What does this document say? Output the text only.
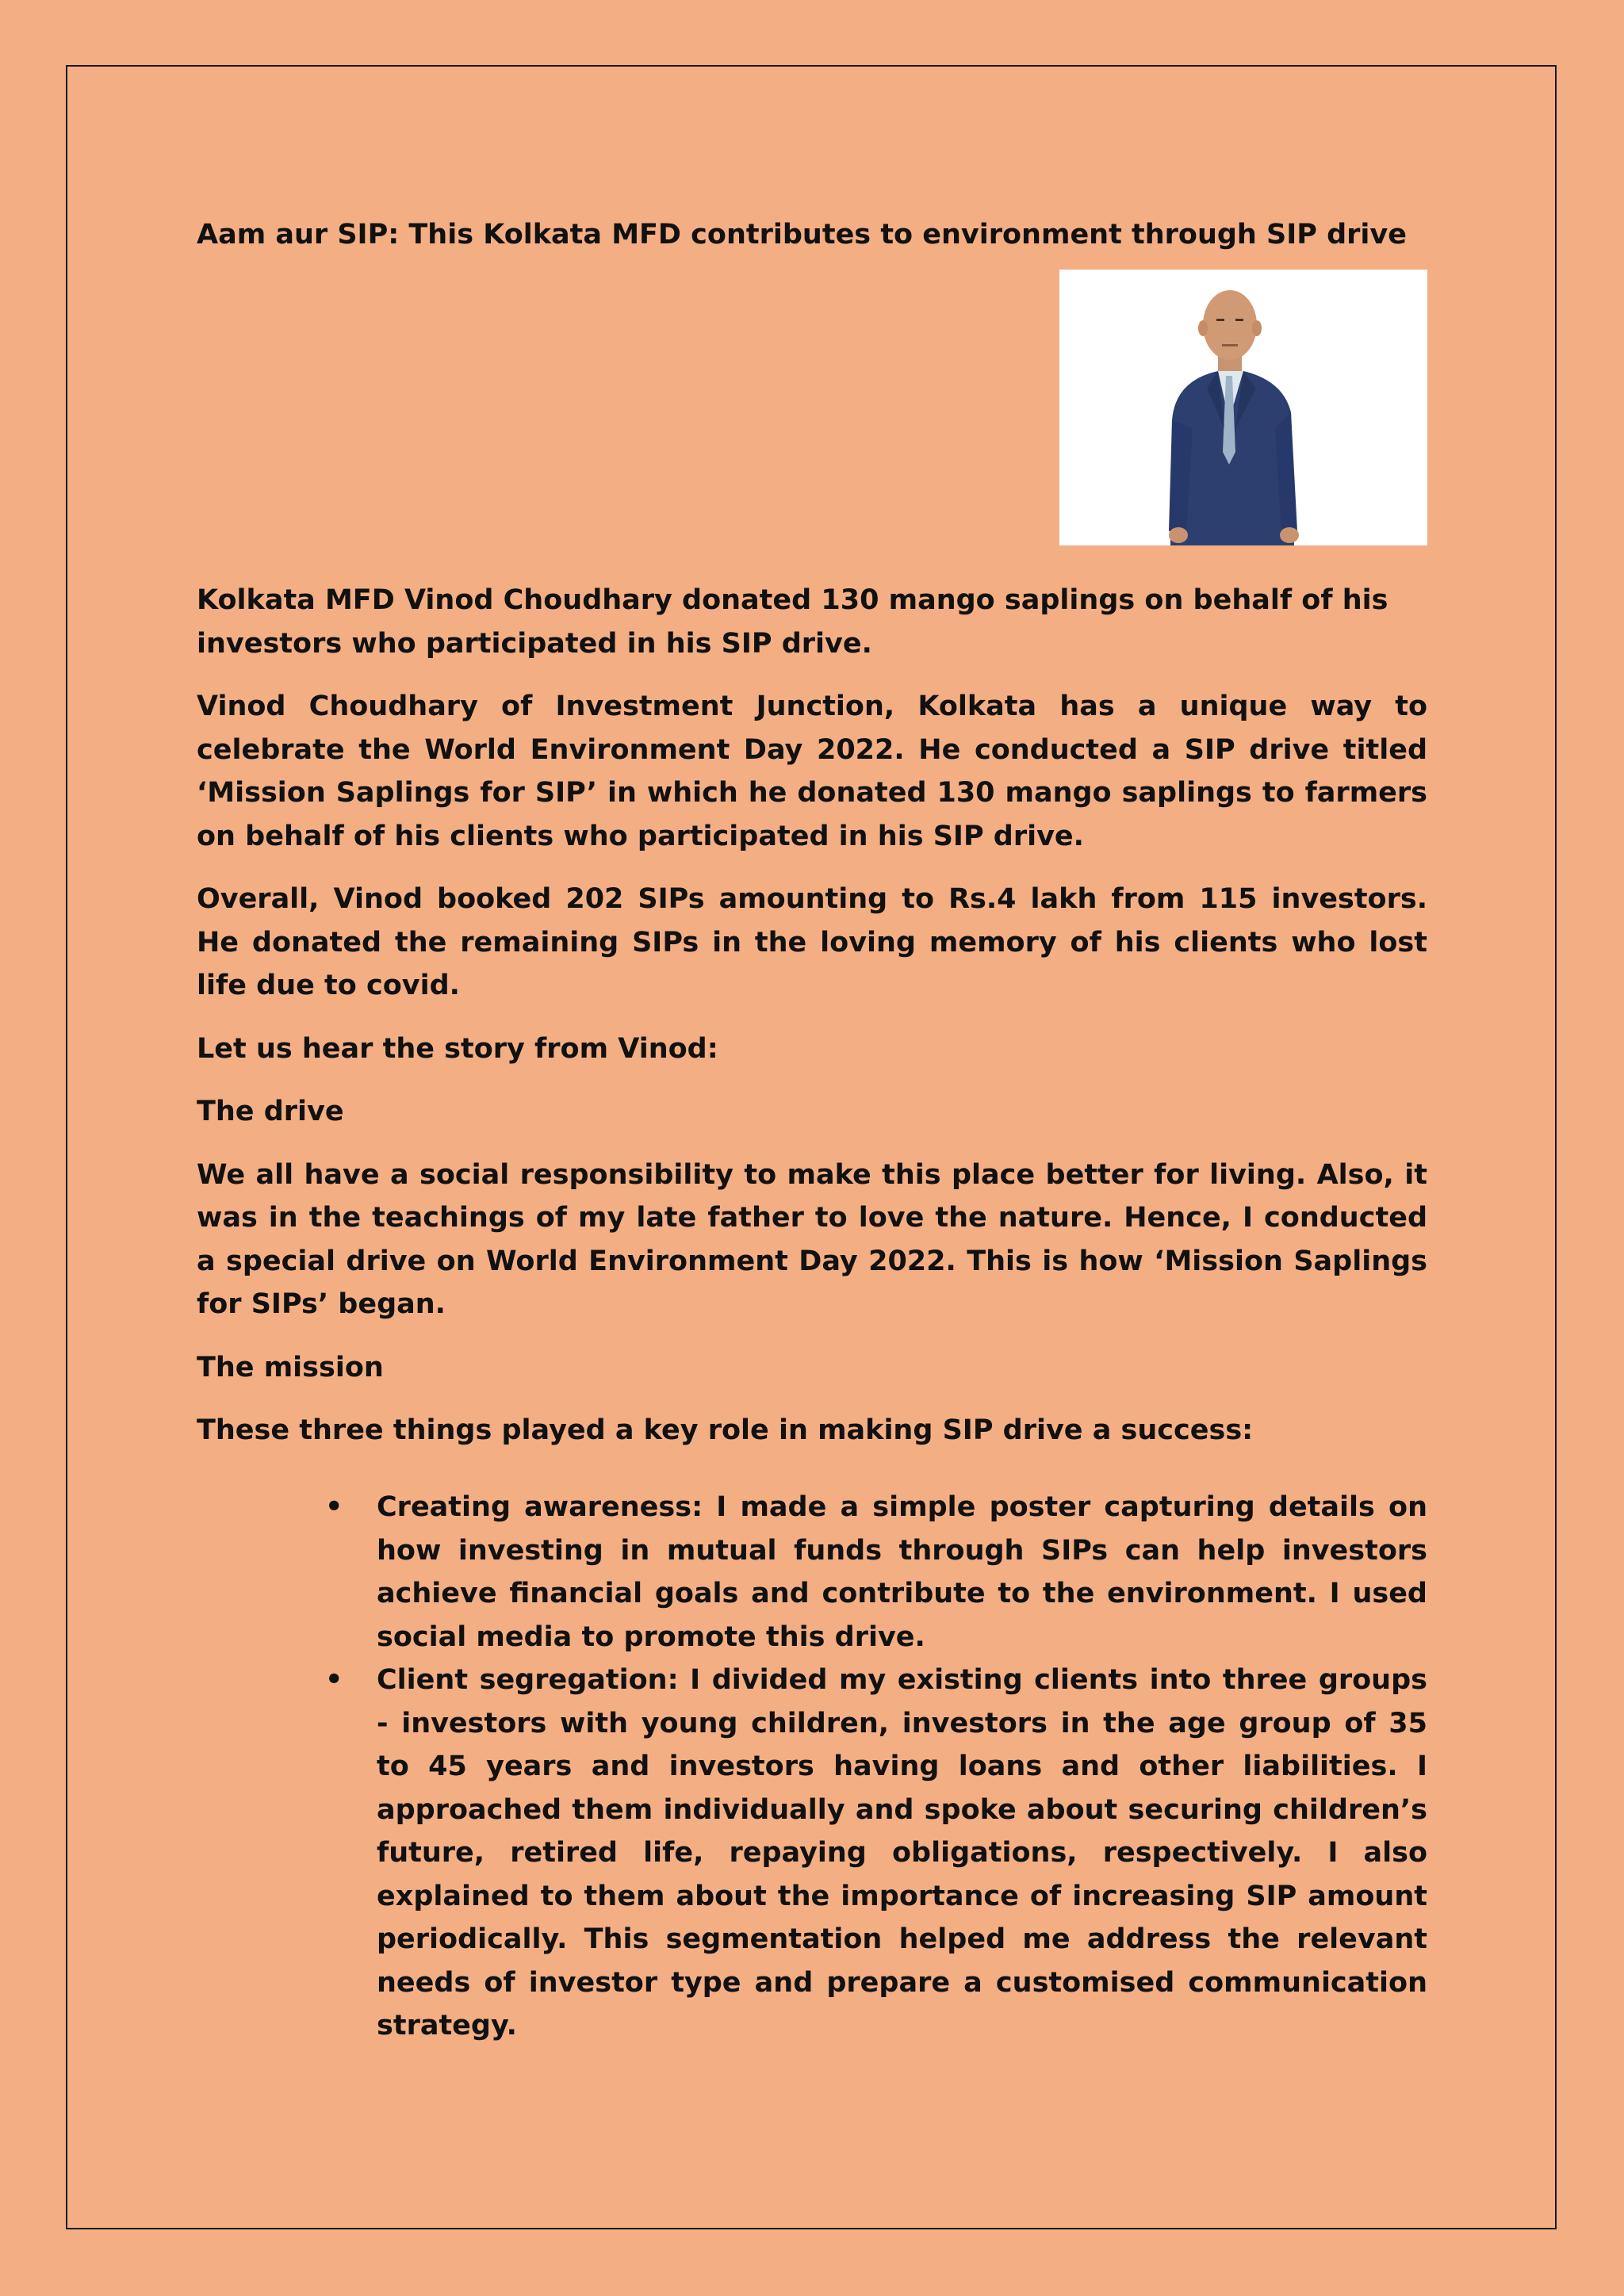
Aam aur SIP: This Kolkata MFD contributes to environment through SIP drive

Kolkata MFD Vinod Choudhary donated 130 mango saplings on behalf of his investors who participated in his SIP drive.

Vinod Choudhary of Investment Junction, Kolkata has a unique way to celebrate the World Environment Day 2022. He conducted a SIP drive titled ‘Mission Saplings for SIP’ in which he donated 130 mango saplings to farmers on behalf of his clients who participated in his SIP drive.

Overall, Vinod booked 202 SIPs amounting to Rs.4 lakh from 115 investors. He donated the remaining SIPs in the loving memory of his clients who lost life due to covid.

Let us hear the story from Vinod:

The drive

We all have a social responsibility to make this place better for living. Also, it was in the teachings of my late father to love the nature. Hence, I conducted a special drive on World Environment Day 2022. This is how ‘Mission Saplings for SIPs’ began.

The mission

These three things played a key role in making SIP drive a success:

• Creating awareness: I made a simple poster capturing details on how investing in mutual funds through SIPs can help investors achieve financial goals and contribute to the environment. I used social media to promote this drive.
• Client segregation: I divided my existing clients into three groups - investors with young children, investors in the age group of 35 to 45 years and investors having loans and other liabilities. I approached them individually and spoke about securing children’s future, retired life, repaying obligations, respectively. I also explained to them about the importance of increasing SIP amount periodically. This segmentation helped me address the relevant needs of investor type and prepare a customised communication strategy.
